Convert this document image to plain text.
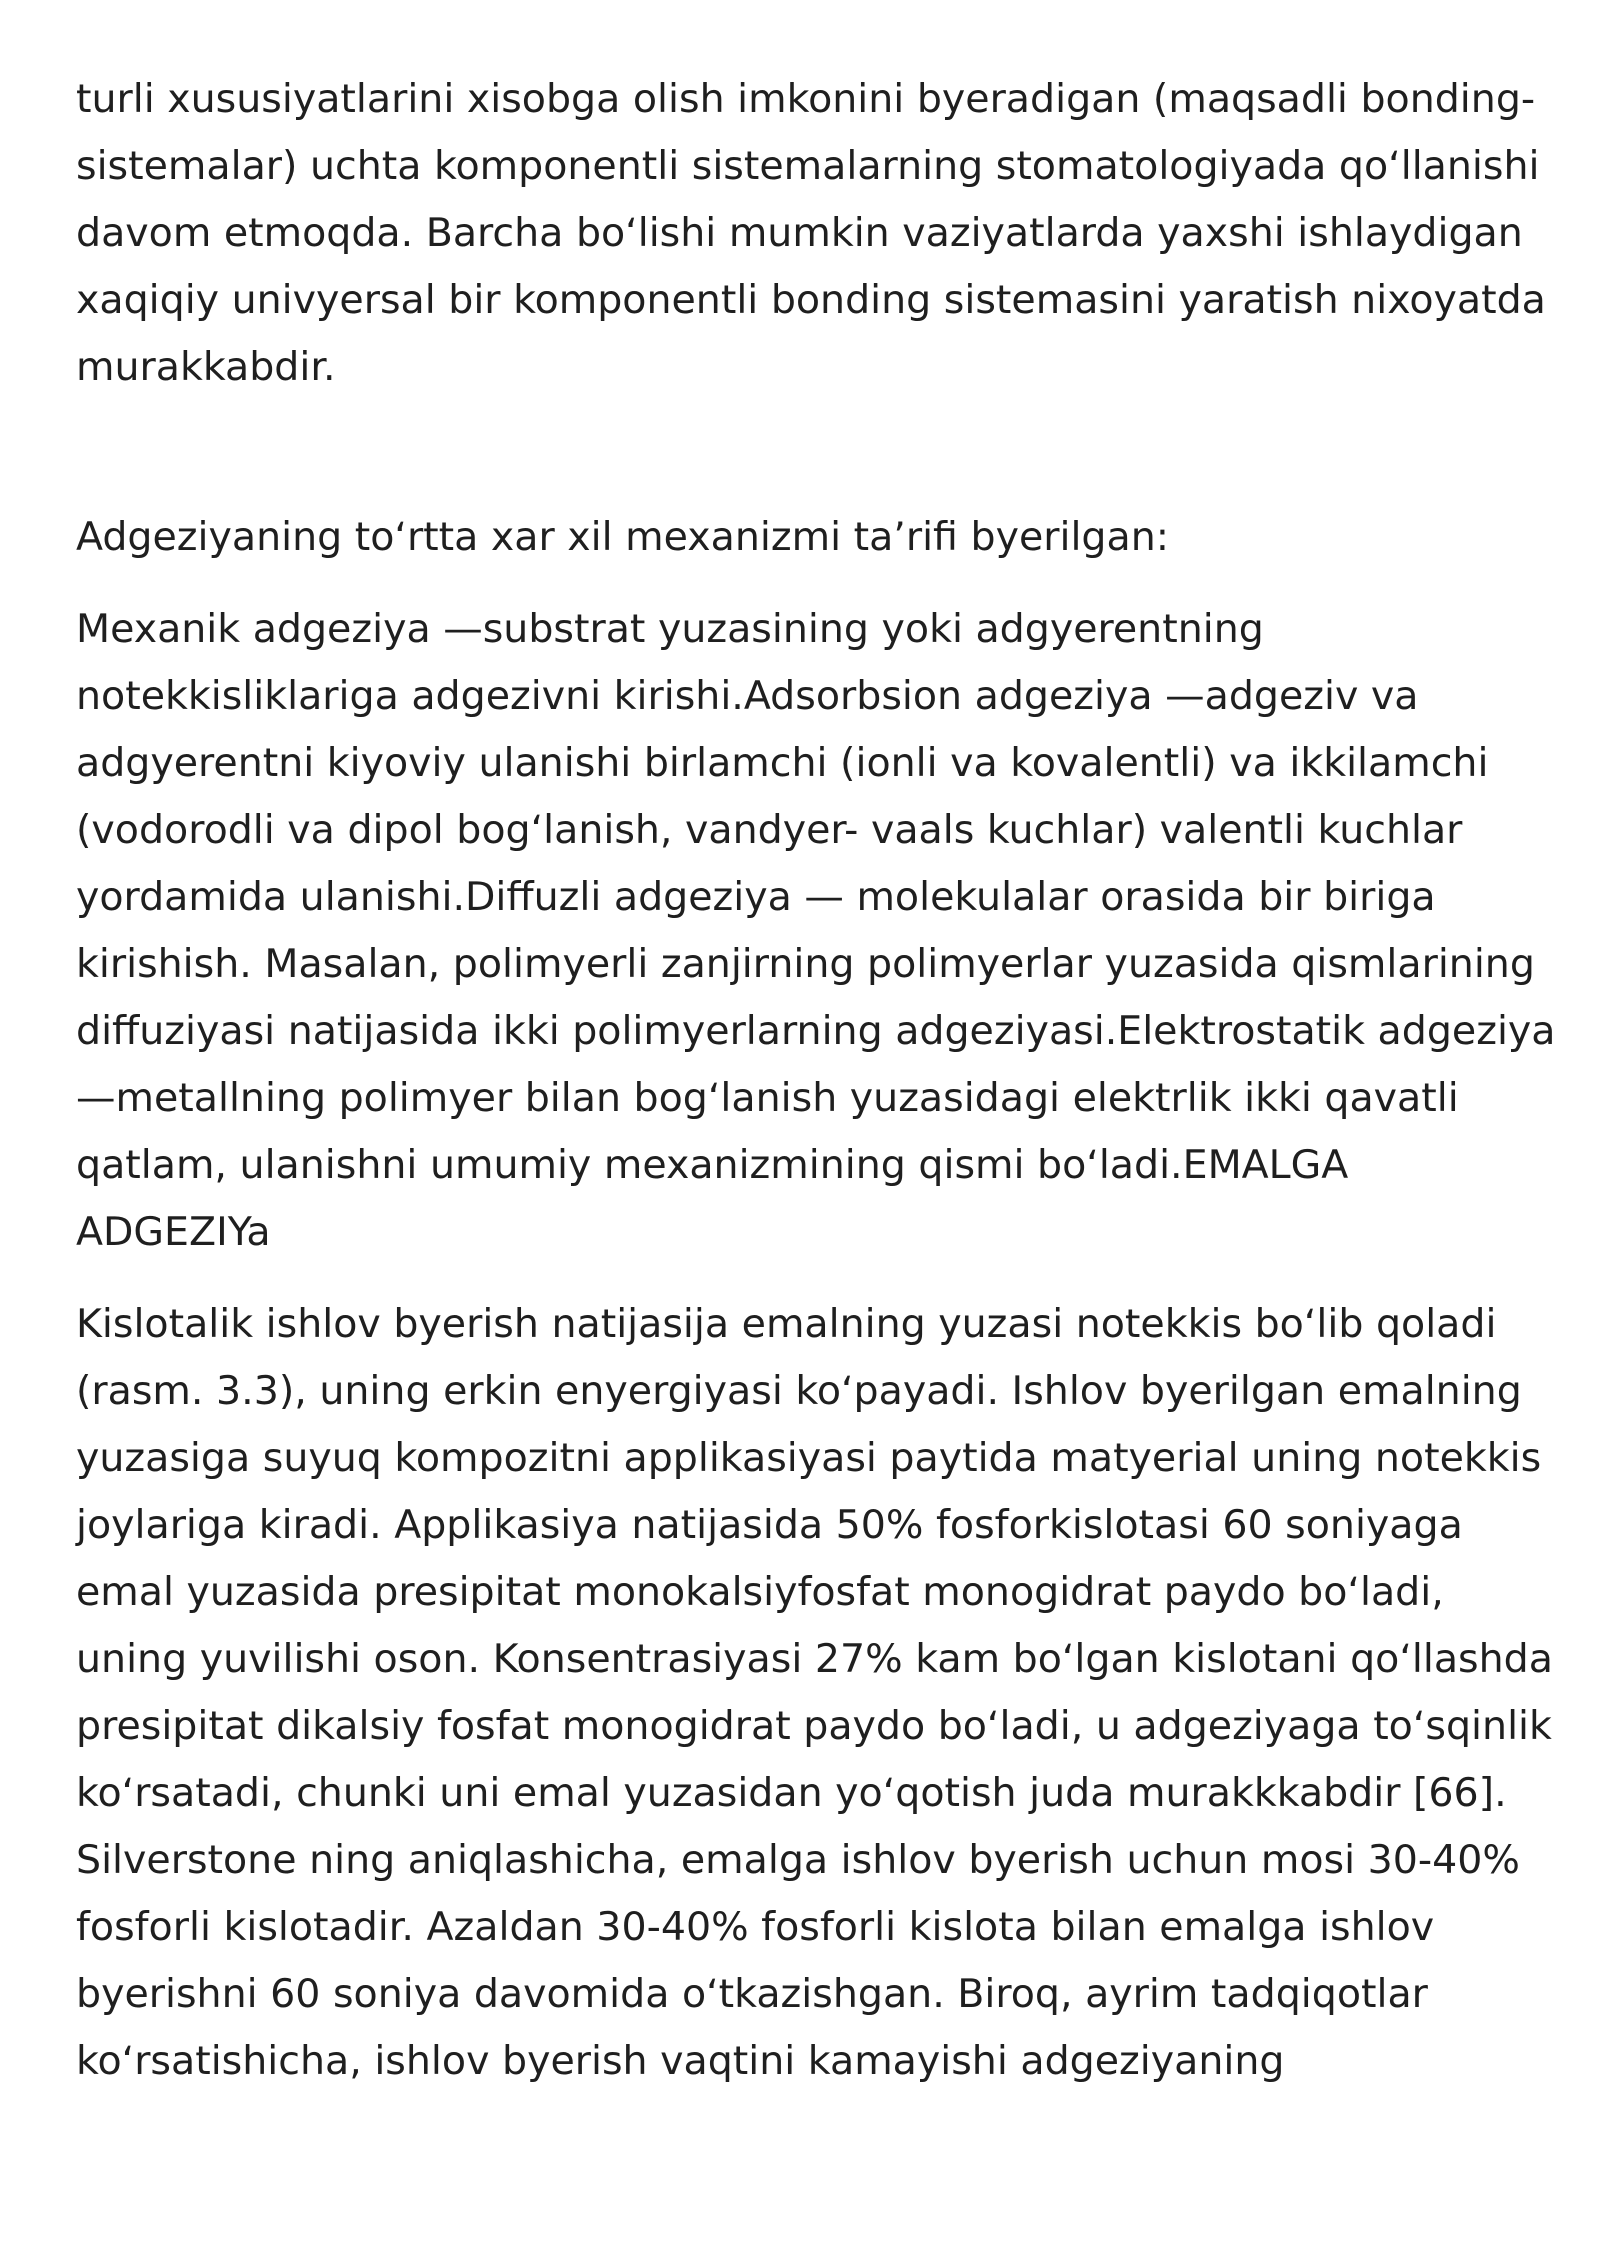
turli xususiyatlarini xisobga olish imkonini byeradigan (maqsadli bonding-
sistemalar) uchta komponentli sistemalarning stomatologiyada qo‘llanishi
davom etmoqda. Barcha bo‘lishi mumkin vaziyatlarda yaxshi ishlaydigan
xaqiqiy univyersal bir komponentli bonding sistemasini yaratish nixoyatda
murakkabdir.
Adgeziyaning to‘rtta xar xil mexanizmi ta’rifi byerilgan:
Mexanik adgeziya —substrat yuzasining yoki adgyerentning
notekkisliklariga adgezivni kirishi.Adsorbsion adgeziya —adgeziv va
adgyerentni kiyoviy ulanishi birlamchi (ionli va kovalentli) va ikkilamchi
(vodorodli va dipol bog‘lanish, vandyer- vaals kuchlar) valentli kuchlar
yordamida ulanishi.Diffuzli adgeziya — molekulalar orasida bir biriga
kirishish. Masalan, polimyerli zanjirning polimyerlar yuzasida qismlarining
diffuziyasi natijasida ikki polimyerlarning adgeziyasi.Elektrostatik adgeziya
—metallning polimyer bilan bog‘lanish yuzasidagi elektrlik ikki qavatli
qatlam, ulanishni umumiy mexanizmining qismi bo‘ladi.EMALGA
ADGEZIYa
Kislotalik ishlov byerish natijasija emalning yuzasi notekkis bo‘lib qoladi
(rasm. 3.3), uning erkin enyergiyasi ko‘payadi. Ishlov byerilgan emalning
yuzasiga suyuq kompozitni applikasiyasi paytida matyerial uning notekkis
joylariga kiradi. Applikasiya natijasida 50% fosforkislotasi 60 soniyaga
emal yuzasida presipitat monokalsiyfosfat monogidrat paydo bo‘ladi,
uning yuvilishi oson. Konsentrasiyasi 27% kam bo‘lgan kislotani qo‘llashda
presipitat dikalsiy fosfat monogidrat paydo bo‘ladi, u adgeziyaga to‘sqinlik
ko‘rsatadi, chunki uni emal yuzasidan yo‘qotish juda murakkkabdir [66].
Silverstone ning aniqlashicha, emalga ishlov byerish uchun mosi 30-40%
fosforli kislotadir. Azaldan 30-40% fosforli kislota bilan emalga ishlov
byerishni 60 soniya davomida o‘tkazishgan. Biroq, ayrim tadqiqotlar
ko‘rsatishicha, ishlov byerish vaqtini kamayishi adgeziyaning
